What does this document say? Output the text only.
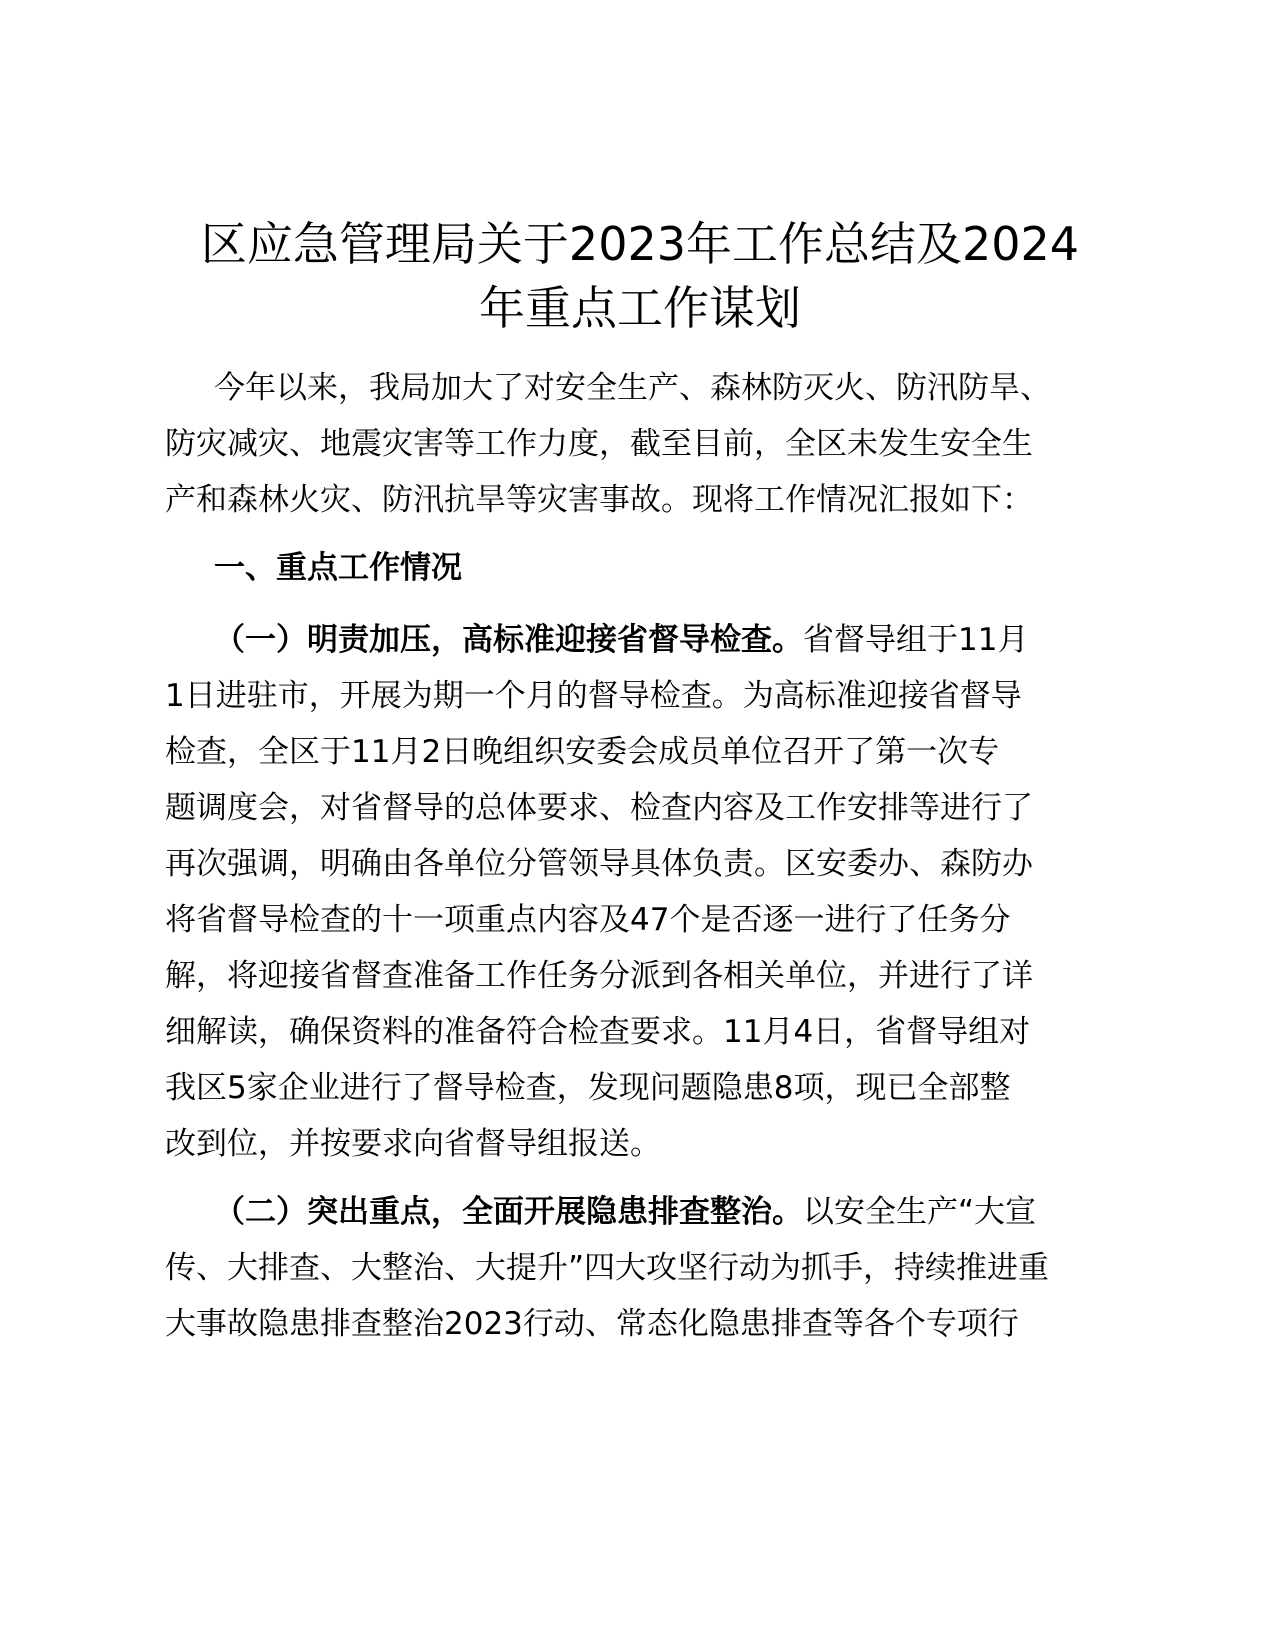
区应急管理局关于2023年工作总结及2024
年重点工作谋划
今年以来，我局加大了对安全生产、森林防灭火、防汛防旱、
防灾减灾、地震灾害等工作力度，截至目前，全区未发生安全生
产和森林火灾、防汛抗旱等灾害事故。现将工作情况汇报如下：
一、重点工作情况
（一）明责加压，高标准迎接省督导检查。省督导组于11月
1日进驻市，开展为期一个月的督导检查。为高标准迎接省督导
检查，全区于11月2日晚组织安委会成员单位召开了第一次专
题调度会，对省督导的总体要求、检查内容及工作安排等进行了
再次强调，明确由各单位分管领导具体负责。区安委办、森防办
将省督导检查的十一项重点内容及47个是否逐一进行了任务分
解，将迎接省督查准备工作任务分派到各相关单位，并进行了详
细解读，确保资料的准备符合检查要求。11月4日，省督导组对
我区5家企业进行了督导检查，发现问题隐患8项，现已全部整
改到位，并按要求向省督导组报送。
（二）突出重点，全面开展隐患排查整治。以安全生产“大宣
传、大排查、大整治、大提升”四大攻坚行动为抓手，持续推进重
大事故隐患排查整治2023行动、常态化隐患排查等各个专项行
